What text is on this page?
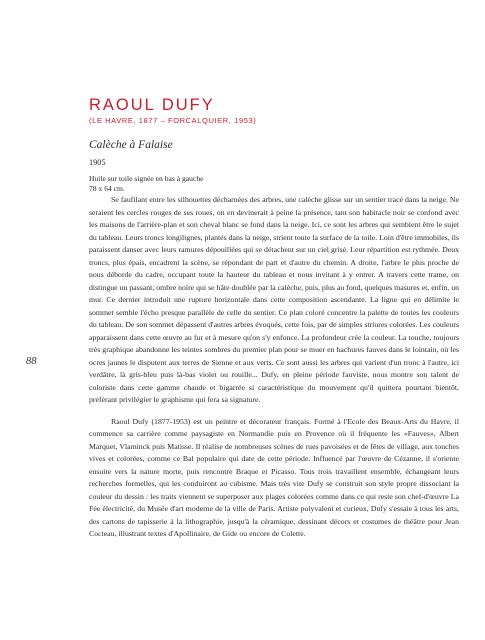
RAOUL DUFY
(LE HAVRE, 1877 – FORCALQUIER, 1953)
Calèche à Falaise
1905
Huile sur toile signée en bas à gauche
78 x 64 cm.
88

Se faufilant entre les silhouettes décharnées des arbres, une calèche glisse sur un sentier tracé dans la neige. Ne seraient les cercles rouges de ses roues, on en devinerait à peine la présence, tant son habitacle noir se confond avec les maisons de l'arrière-plan et son cheval blanc se fond dans la neige. Ici, ce sont les arbres qui semblent être le sujet du tableau. Leurs troncs longilignes, plantés dans la neige, strient toute la surface de la toile. Loin d'être immobiles, ils paraissent danser avec leurs ramures dépouillées qui se détachent sur un ciel grisé. Leur répartition est rythmée. Deux troncs, plus épais, encadrent la scène, se répondant de part et d'autre du chemin. A droite, l'arbre le plus proche de nous déborde du cadre, occupant toute la hauteur du tableau et nous invitant à y entrer. A travers cette trame, on distingue un passant, ombre noire qui se hâte doublée par la calèche, puis, plus au fond, quelques masures et, enfin, un mur. Ce dernier introduit une rupture horizontale dans cette composition ascendante. La ligne qui en délimite le sommet semble l'écho presque parallèle de celle du sentier. Ce plan coloré concentre la palette de toutes les couleurs du tableau. De son sommet dépassent d'autres arbres évoqués, cette fois, par de simples striures colorées. Les couleurs apparaissent dans cette œuvre au fur et à mesure qu'on s'y enfonce. La profondeur crée la couleur. La touche, toujours très graphique abandonne les teintes sombres du premier plan pour se muer en hachures fauves dans le lointain, où les ocres jaunes le disputent aux terres de Sienne et aux verts. Ce sont aussi les arbres qui varient d'un tronc à l'autre, ici verdâtre, là gris-bleu puis là-bas violet ou rouille... Dufy, en pleine période fauviste, nous montre son talent de coloriste dans cette gamme chaude et bigarrée si caractéristique du mouvement qu'il quittera pourtant bientôt, préférant privilégier le graphisme qui fera sa signature.

Raoul Dufy (1877-1953) est un peintre et décorateur français. Formé à l'Ecole des Beaux-Arts du Havre, il commence sa carrière comme paysagiste en Normandie puis en Provence où il fréquente les «Fauves», Albert Marquet, Vlaminck puis Matisse. Il réalise de nombreuses scènes de rues pavoisées et de fêtes de village, aux touches vives et colorées, comme ce Bal populaire qui date de cette période. Influencé par l'œuvre de Cézanne, il s'oriente ensuite vers la nature morte, puis rencontre Braque et Picasso. Tous trois travaillent ensemble, échangeant leurs recherches formelles, qui les conduiront au cubisme. Mais très vite Dufy se construit son style propre dissociant la couleur du dessin : les traits viennent se superposer aux plages colorées comme dans ce qui reste son chef-d'œuvre La Fée électricité, du Musée d'art moderne de la ville de Paris. Artiste polyvalent et curieux, Dufy s'essaie à tous les arts, des cartons de tapisserie à la lithographie, jusqu'à la céramique, dessinant décors et costumes de théâtre pour Jean Cocteau, illustrant textes d'Apollinaire, de Gide ou encore de Colette.
